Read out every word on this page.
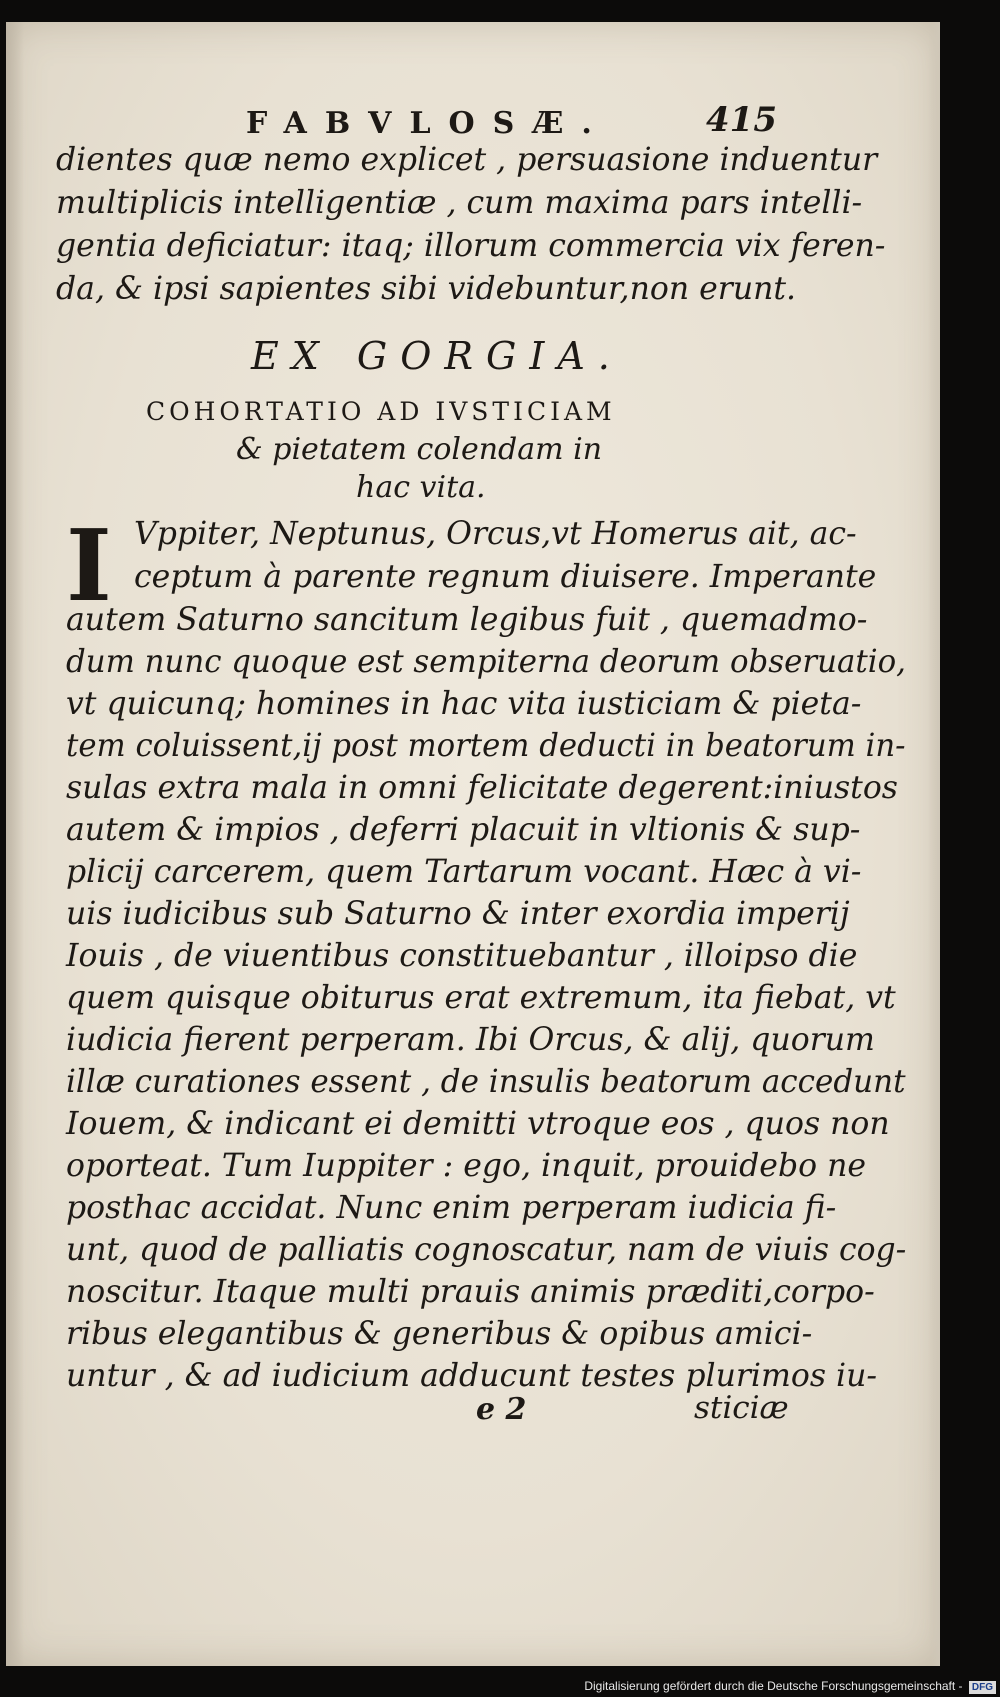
FABVLOSÆ.	415
dientes quæ nemo explicet , persuasione induentur
multiplicis intelligentiæ , cum maxima pars intelli-
gentia deficiatur: itaq; illorum commercia vix feren-
da, & ipsi sapientes sibi videbuntur,non erunt.
EX GORGIA.
COHORTATIO AD IVSTICIAM
& pietatem colendam in
hac vita.
I Vppiter, Neptunus, Orcus,vt Homerus ait, ac-
ceptum à parente regnum diuisere. Imperante
autem Saturno sancitum legibus fuit , quemadmo-
dum nunc quoque est sempiterna deorum obseruatio,
vt quicunq; homines in hac vita iusticiam & pieta-
tem coluissent,ij post mortem deducti in beatorum in-
sulas extra mala in omni felicitate degerent:iniustos
autem & impios , deferri placuit in vltionis & sup-
plicij carcerem, quem Tartarum vocant. Hæc à vi-
uis iudicibus sub Saturno & inter exordia imperij
Iouis , de viuentibus constituebantur , illoipso die
quem quisque obiturus erat extremum, ita fiebat, vt
iudicia fierent perperam. Ibi Orcus, & alij, quorum
illæ curationes essent , de insulis beatorum accedunt
Iouem, & indicant ei demitti vtroque eos , quos non
oporteat. Tum Iuppiter : ego, inquit, prouidebo ne
posthac accidat. Nunc enim perperam iudicia fi-
unt, quod de palliatis cognoscatur, nam de viuis cog-
noscitur. Itaque multi prauis animis præditi,corpo-
ribus elegantibus & generibus & opibus amici-
untur , & ad iudicium adducunt testes plurimos iu-
e 2	sticiæ
Digitalisierung gefördert durch die Deutsche Forschungsgemeinschaft - DFG
